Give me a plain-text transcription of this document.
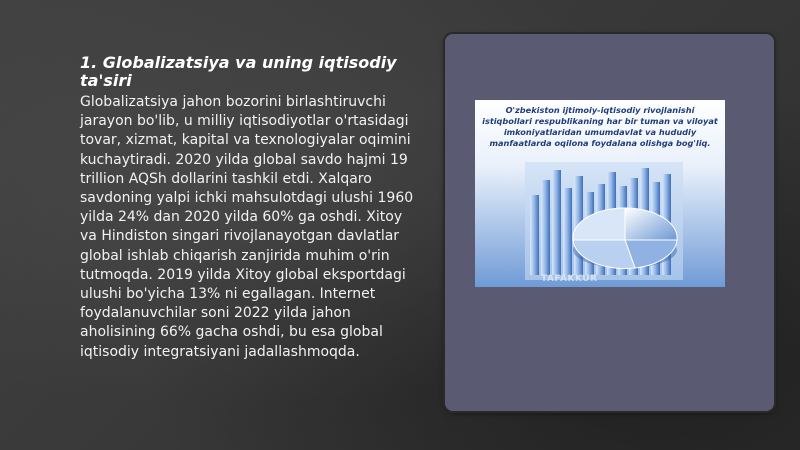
1. Globalizatsiya va uning iqtisodiy ta'siri
Globalizatsiya jahon bozorini birlashtiruvchi jarayon bo'lib, u milliy iqtisodiyotlar o'rtasidagi tovar, xizmat, kapital va texnologiyalar oqimini kuchaytiradi. 2020 yilda global savdo hajmi 19 trillion AQSh dollarini tashkil etdi. Xalqaro savdoning yalpi ichki mahsulotdagi ulushi 1960 yilda 24% dan 2020 yilda 60% ga oshdi. Xitoy va Hindiston singari rivojlanayotgan davlatlar global ishlab chiqarish zanjirida muhim o'rin tutmoqda. 2019 yilda Xitoy global eksportdagi ulushi bo'yicha 13% ni egallagan. Internet foydalanuvchilar soni 2022 yilda jahon aholisining 66% gacha oshdi, bu esa global iqtisodiy integratsiyani jadallashmoqda.
O'zbekiston ijtimoiy-iqtisodiy rivojlanishi istiqbollari respublikaning har bir tuman va viloyat imkoniyatlaridan umumdavlat va hududiy manfaatlarda oqilona foydalana olishga bog'liq.
TAFAKKUR
